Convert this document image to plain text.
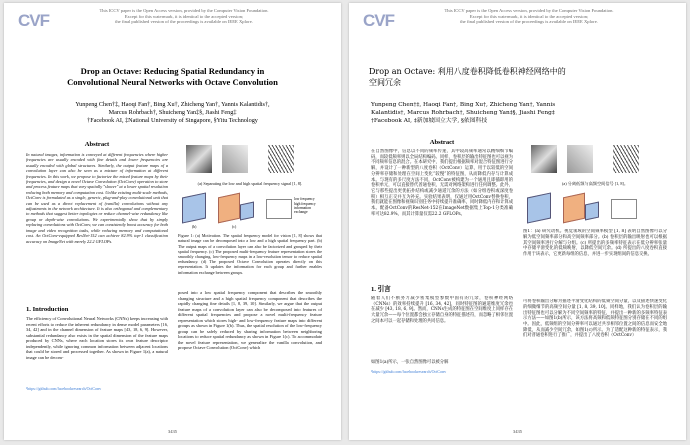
CVF
This ICCV paper is the Open Access version, provided by the Computer Vision Foundation.
Except for this watermark, it is identical to the accepted version;
the final published version of the proceedings is available on IEEE Xplore.
Drop an Octave: Reducing Spatial Redundancy in
Convolutional Neural Networks with Octave Convolution
Yunpeng Chen†‡, Haoqi Fan†, Bing Xu†, Zhicheng Yan†, Yannis Kalantidis†,
Marcus Rohrbach†, Shuicheng Yan‡§, Jiashi Feng‡
†Facebook AI, ‡National University of Singapore, §Yitu Technology
Abstract
In natural images, information is conveyed at different frequencies where higher frequencies are usually encoded with fine details and lower frequencies are usually encoded with global structures. Similarly, the output feature maps of a convolution layer can also be seen as a mixture of information at different frequencies. In this work, we propose to factorize the mixed feature maps by their frequencies, and design a novel Octave Convolution (OctConv) operation to store and process feature maps that vary spatially "slower" at a lower spatial resolution reducing both memory and computation cost. Unlike existing multi-scale methods, OctConv is formulated as a single, generic, plug-and-play convolutional unit that can be used as a direct replacement of (vanilla) convolutions without any adjustments in the network architecture. It is also orthogonal and complementary to methods that suggest better topologies or reduce channel-wise redundancy like group or depth-wise convolutions. We experimentally show that by simply replacing convolutions with OctConv, we can consistently boost accuracy for both image and video recognition tasks, while reducing memory and computational cost. An OctConv-equipped ResNet-152 can achieve 82.9% top-1 classification accuracy on ImageNet with merely 22.2 GFLOPs.
1. Introduction
The efficiency of Convolutional Neural Networks (CNNs) keeps increasing with recent efforts to reduce the inherent redundancy in dense model parameters [16, 34, 42] and in the channel dimension of feature maps [43, 18, 6, 9]. However, substantial redundancy also exists in the spatial dimension of the feature maps produced by CNNs, where each location stores its own feature descriptor independently, while ignoring common information between adjacent locations that could be stored and processed together. As shown in Figure 1(a), a natural image can be decom-
¹https://github.com/facebookresearch/OctConv
(a) Separating the low and high spatial frequency signal [1, 8].
low frequency
high frequency
information exchange
(b)	(c)
Figure 1: (a) Motivation. The spatial frequency model for vision [1, 8] shows that natural image can be decomposed into a low and a high spatial frequency part. (b) The output maps of a convolution layer can also be factorized and grouped by their spatial frequency. (c) The proposed multi-frequency feature representation stores the smoothly changing, low-frequency maps in a low-resolution tensor to reduce spatial redundancy. (d) The proposed Octave Convolution operates directly on this representation. It updates the information for each group and further enables information exchange between groups.
posed into a low spatial frequency component that describes the smoothly changing structure and a high spatial frequency component that describes the rapidly changing fine details [1, 8, 39, 10]. Similarly, we argue that the output feature maps of a convolution layer can also be decomposed into features of different spatial frequencies and propose a novel multi-frequency feature representation which stores high- and low-frequency feature maps into different groups as shown in Figure 1(b). Thus, the spatial resolution of the low-frequency group can be safely reduced by sharing information between neighboring locations to reduce spatial redundancy as shown in Figure 1(c). To accommodate the novel feature representation, we generalize the vanilla convolution, and propose Octave Convolution (OctConv) which
3435
CVF
This ICCV paper is the Open Access version, provided by the Computer Vision Foundation.
Except for this watermark, it is identical to the accepted version;
the final published version of the proceedings is available on IEEE Xplore.
Drop an Octave: 利用八度卷积降低卷积神经网络中的
空间冗余
Yunpeng Chen†‡, Haoqi Fan†, Bing Xu†, Zhicheng Yan†, Yannis
Kalantidis†, Marcus Rohrbach†, Shuicheng Yan‡§, Jiashi Feng‡
†Facebook AI, ‡新加坡国立大学, §依图科技
Abstract
在自然图像中，信息以不同的频率传递，其中较高频率通常以精细细节编码，而较低频率则以全局结构编码。同样，卷积层的输出特征图也可以视为不同频率信息的混合。在本研究中，我们提出根据频率对混合特征图进行分解，并设计了一种新型的八度卷积（OctConv）运算，用于以较低的空间分辨率存储和处理在空间上变化“较慢”的特征图，从而降低内存与计算成本。与现有的多尺度方法不同，OctConv被构建为一个通用且即插即用的卷积单元，可以直接替代普通卷积，无需对网络架构进行任何调整。此外，它与那些提出更优拓扑结构或减少通道冗余的方法（如分组卷积或深度卷积）相互正交并互为补充。实验结果表明，仅通过用OctConv替换卷积，我们就能在图像和视频识别任务中持续提升准确率，同时降低内存和计算成本。配备OctConv的ResNet-152在ImageNet数据集上Top-1分类准确率可达82.9%，而其计算量仅需22.2 GFLOPs。
1. 引言
随着人们不断努力减少密集模型参数中固有的冗余，卷积神经网络（CNNs）的效率持续提升 [16, 34, 42]，同时特征图的通道维度冗余也在减少 [43, 18, 6, 9]。然而，CNNs生成的特征图在空间维度上同样存在大量冗余——每个位置都会独立存储自身的特征描述符，而忽略了相邻位置之间本可以一起存储和处理的共同信息。
如图1(a)所示，一张自然图像可以被分解
¹https://github.com/facebookresearch/OctConv
(a) 分离低频与高频空间信号 [1, 8]。
图1：(a) 研究动机。视觉领域的空间频率模型 [1, 8] 表明自然图像可以分解为低空间频率部分和高空间频率部分。(b) 卷积层的输出映射也可以根据其空间频率进行分解与分组。(c) 所提出的多频率特征表示在低分辨率张量中存储平滑变化的低频映射，以降低空间冗余。(d) 所提出的八度卷积直接作用于该表示，它更新每组的信息，并进一步实现组间的信息交换。
可将卷积输出分解为描述平滑变化结构的低频空间分量，以及描述快速变化的细微细节的高频空间分量 [1, 8, 39, 10]。同样地，我们认为卷积层的输出特征图也可以分解为不同空间频率的特征，并提出一种新的多频率特征表示方法——如图1(b)所示，该方法将高频和低频特征图分别存储在不同的组中。因此，低频组的空间分辨率可以通过共享相邻位置之间的信息而安全地降低，从而减少空间冗余，如图1(c)所示。为了适配这种新的特征表示，我们对普通卷积进行了推广，并提出了八度卷积（OctConv）
3435
